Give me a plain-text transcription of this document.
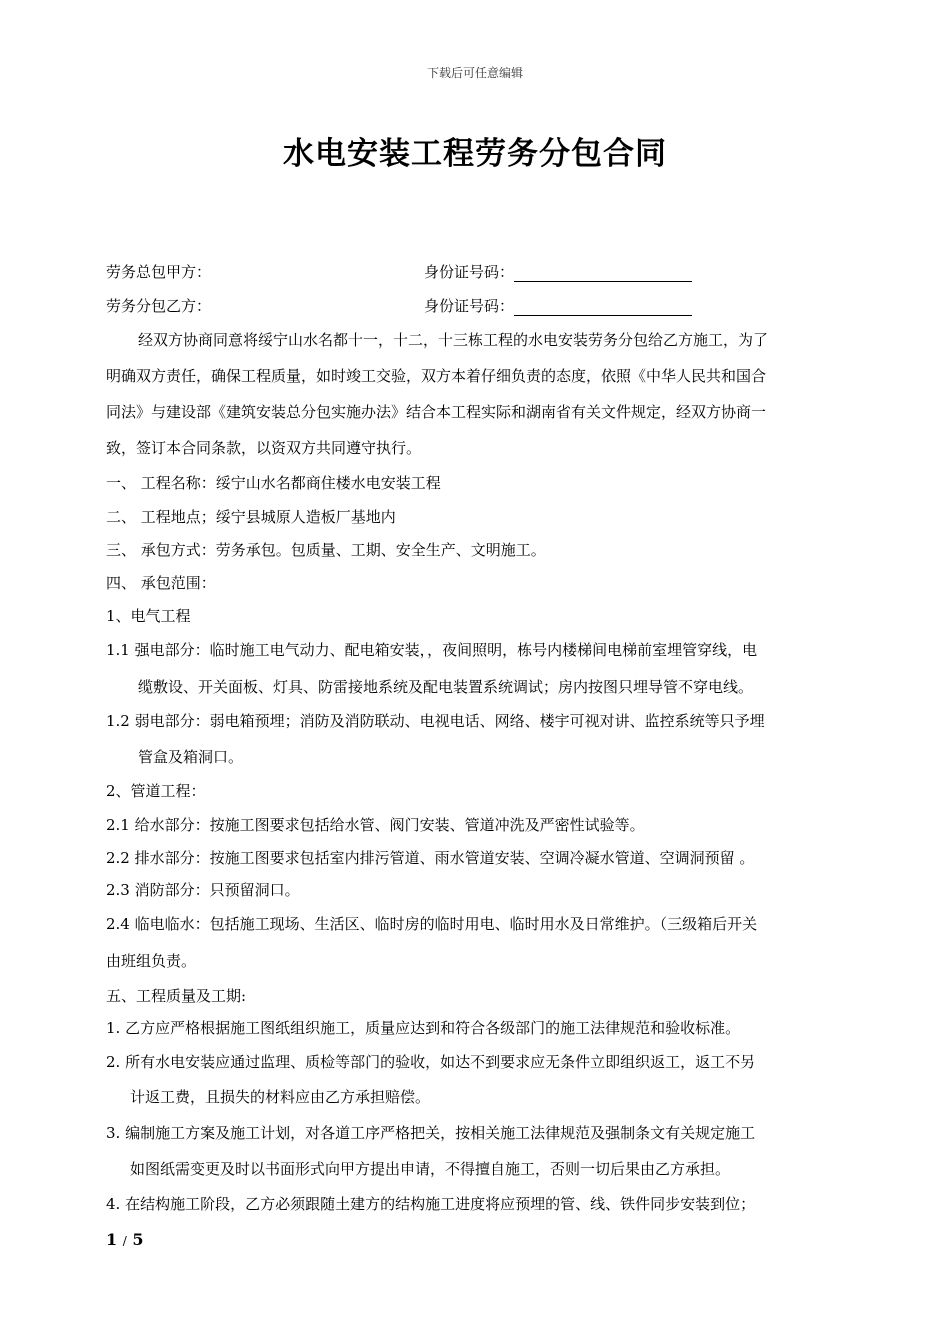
下载后可任意编辑
水电安装工程劳务分包合同
劳务总包甲方：	身份证号码：
劳务分包乙方：	身份证号码：
经双方协商同意将绥宁山水名都十一，十二，十三栋工程的水电安装劳务分包给乙方施工，为了
明确双方责任，确保工程质量，如时竣工交验，双方本着仔细负责的态度，依照《中华人民共和国合
同法》与建设部《建筑安装总分包实施办法》结合本工程实际和湖南省有关文件规定，经双方协商一
致，签订本合同条款，以资双方共同遵守执行。
一、 工程名称：绥宁山水名都商住楼水电安装工程
二、 工程地点；绥宁县城原人造板厂基地内
三、 承包方式：劳务承包。包质量、工期、安全生产、文明施工。
四、 承包范围：
1、电气工程
1.1 强电部分：临时施工电气动力、配电箱安装，，夜间照明，栋号内楼梯间电梯前室埋管穿线，电
缆敷设、开关面板、灯具、防雷接地系统及配电装置系统调试；房内按图只埋导管不穿电线。
1.2 弱电部分：弱电箱预埋；消防及消防联动、电视电话、网络、楼宇可视对讲、监控系统等只予埋
管盒及箱洞口。
2、管道工程：
2.1 给水部分：按施工图要求包括给水管、阀门安装、管道冲洗及严密性试验等。
2.2 排水部分：按施工图要求包括室内排污管道、雨水管道安装、空调冷凝水管道、空调洞预留 。
2.3 消防部分：只预留洞口。
2.4 临电临水：包括施工现场、生活区、临时房的临时用电、临时用水及日常维护。（三级箱后开关
由班组负责。
五、工程质量及工期:
1. 乙方应严格根据施工图纸组织施工，质量应达到和符合各级部门的施工法律规范和验收标准。
2. 所有水电安装应通过监理、质检等部门的验收，如达不到要求应无条件立即组织返工，返工不另
计返工费，且损失的材料应由乙方承担赔偿。
3. 编制施工方案及施工计划，对各道工序严格把关，按相关施工法律规范及强制条文有关规定施工
如图纸需变更及时以书面形式向甲方提出申请，不得擅自施工，否则一切后果由乙方承担。
4. 在结构施工阶段，乙方必须跟随土建方的结构施工进度将应预埋的管、线、铁件同步安装到位；
1 / 5
